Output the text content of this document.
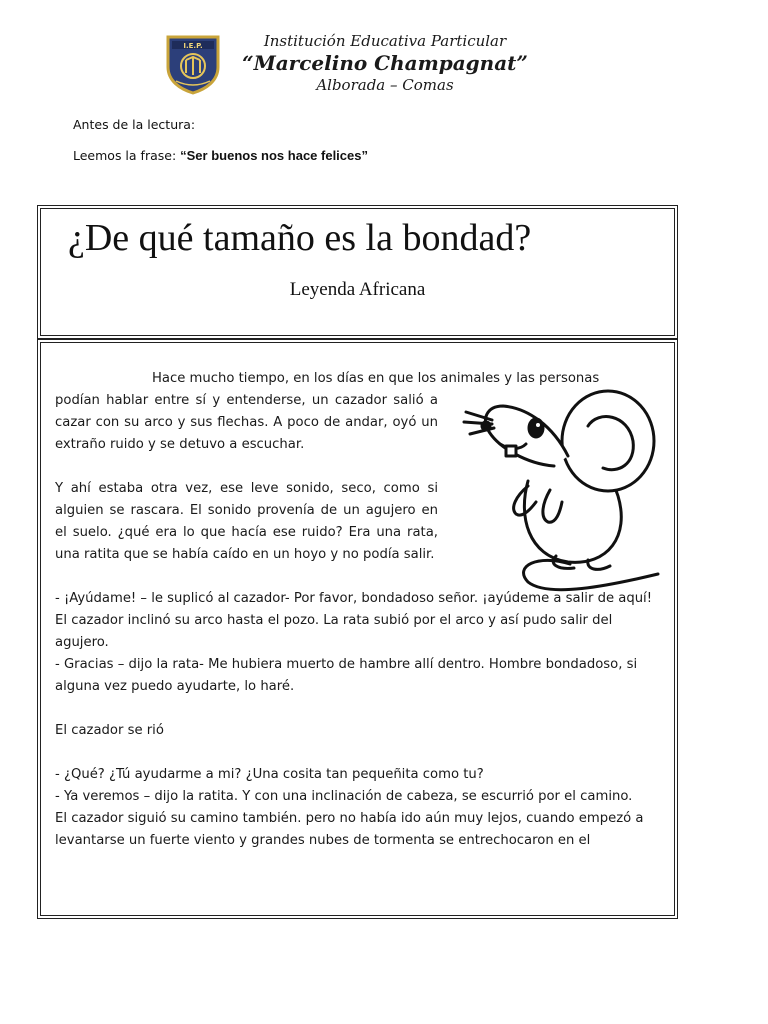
I.E.P.	Institución Educativa Particular
“Marcelino Champagnat”
Alborada – Comas
Antes de la lectura:
Leemos la frase: “Ser buenos nos hace felices”
¿De qué tamaño es la bondad?
Leyenda Africana

Hace mucho tiempo, en los días en que los animales y las personas

podían hablar entre sí y entenderse, un cazador salió a cazar con su arco y sus flechas. A poco de andar, oyó un extraño ruido y se detuvo a escuchar.

Y ahí estaba otra vez, ese leve sonido, seco, como si alguien se rascara. El sonido provenía de un agujero en el suelo. ¿qué era lo que hacía ese ruido? Era una rata, una ratita que se había caído en un hoyo y no podía salir.

- ¡Ayúdame! – le suplicó al cazador- Por favor, bondadoso señor. ¡ayúdeme a salir de aquí!

El cazador inclinó su arco hasta el pozo. La rata subió por el arco y así pudo salir del agujero.

- Gracias – dijo la rata- Me hubiera muerto de hambre allí dentro. Hombre bondadoso, si alguna vez puedo ayudarte, lo haré.

El cazador se rió

- ¿Qué? ¿Tú ayudarme a mi? ¿Una cosita tan pequeñita como tu?

- Ya veremos – dijo la ratita. Y con una inclinación de cabeza, se escurrió por el camino.

El cazador siguió su camino también. pero no había ido aún muy lejos, cuando empezó a levantarse un fuerte viento y grandes nubes de tormenta se entrechocaron en el
